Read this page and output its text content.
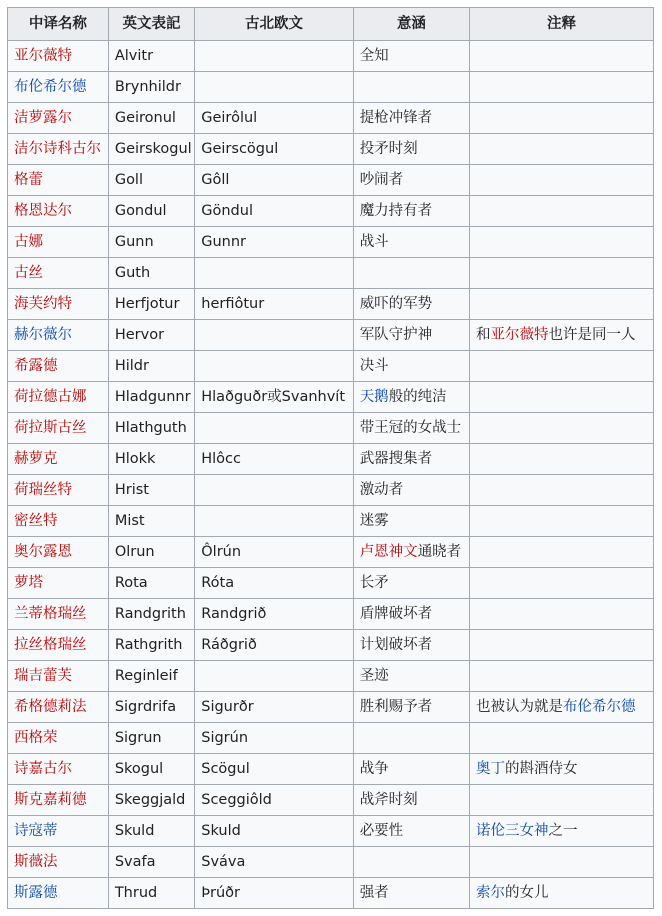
中译名称	英文表記	古北欧文	意涵	注释
亚尔薇特	Alvitr		全知	
布伦希尔德	Brynhildr			
洁萝露尔	Geironul	Geirôlul	提枪冲锋者	
洁尔诗科古尔	Geirskogul	Geirscögul	投矛时刻	
格蕾	Goll	Gôll	吵闹者	
格恩达尔	Gondul	Göndul	魔力持有者	
古娜	Gunn	Gunnr	战斗	
古丝	Guth			
海芙约特	Herfjotur	herfiôtur	威吓的军势	
赫尔薇尔	Hervor		军队守护神	和亚尔薇特也许是同一人
希露德	Hildr		决斗	
荷拉德古娜	Hladgunnr	Hlaðguðr或Svanhvít	天鹅般的纯洁	
荷拉斯古丝	Hlathguth		带王冠的女战士	
赫萝克	Hlokk	Hlôcc	武器搜集者	
荷瑞丝特	Hrist		激动者	
密丝特	Mist		迷雾	
奥尔露恩	Olrun	Ôlrún	卢恩神文通晓者	
萝塔	Rota	Róta	长矛	
兰蒂格瑞丝	Randgrith	Randgrið	盾牌破坏者	
拉丝格瑞丝	Rathgrith	Ráðgrið	计划破坏者	
瑞吉蕾芙	Reginleif		圣迹	
希格德莉法	Sigrdrifa	Sigurðr	胜利赐予者	也被认为就是布伦希尔德
西格荣	Sigrun	Sigrún		
诗嘉古尔	Skogul	Scögul	战争	奥丁的斟酒侍女
斯克嘉莉德	Skeggjald	Sceggiôld	战斧时刻	
诗寇蒂	Skuld	Skuld	必要性	诺伦三女神之一
斯薇法	Svafa	Sváva		
斯露德	Thrud	Þrúðr	强者	索尔的女儿
